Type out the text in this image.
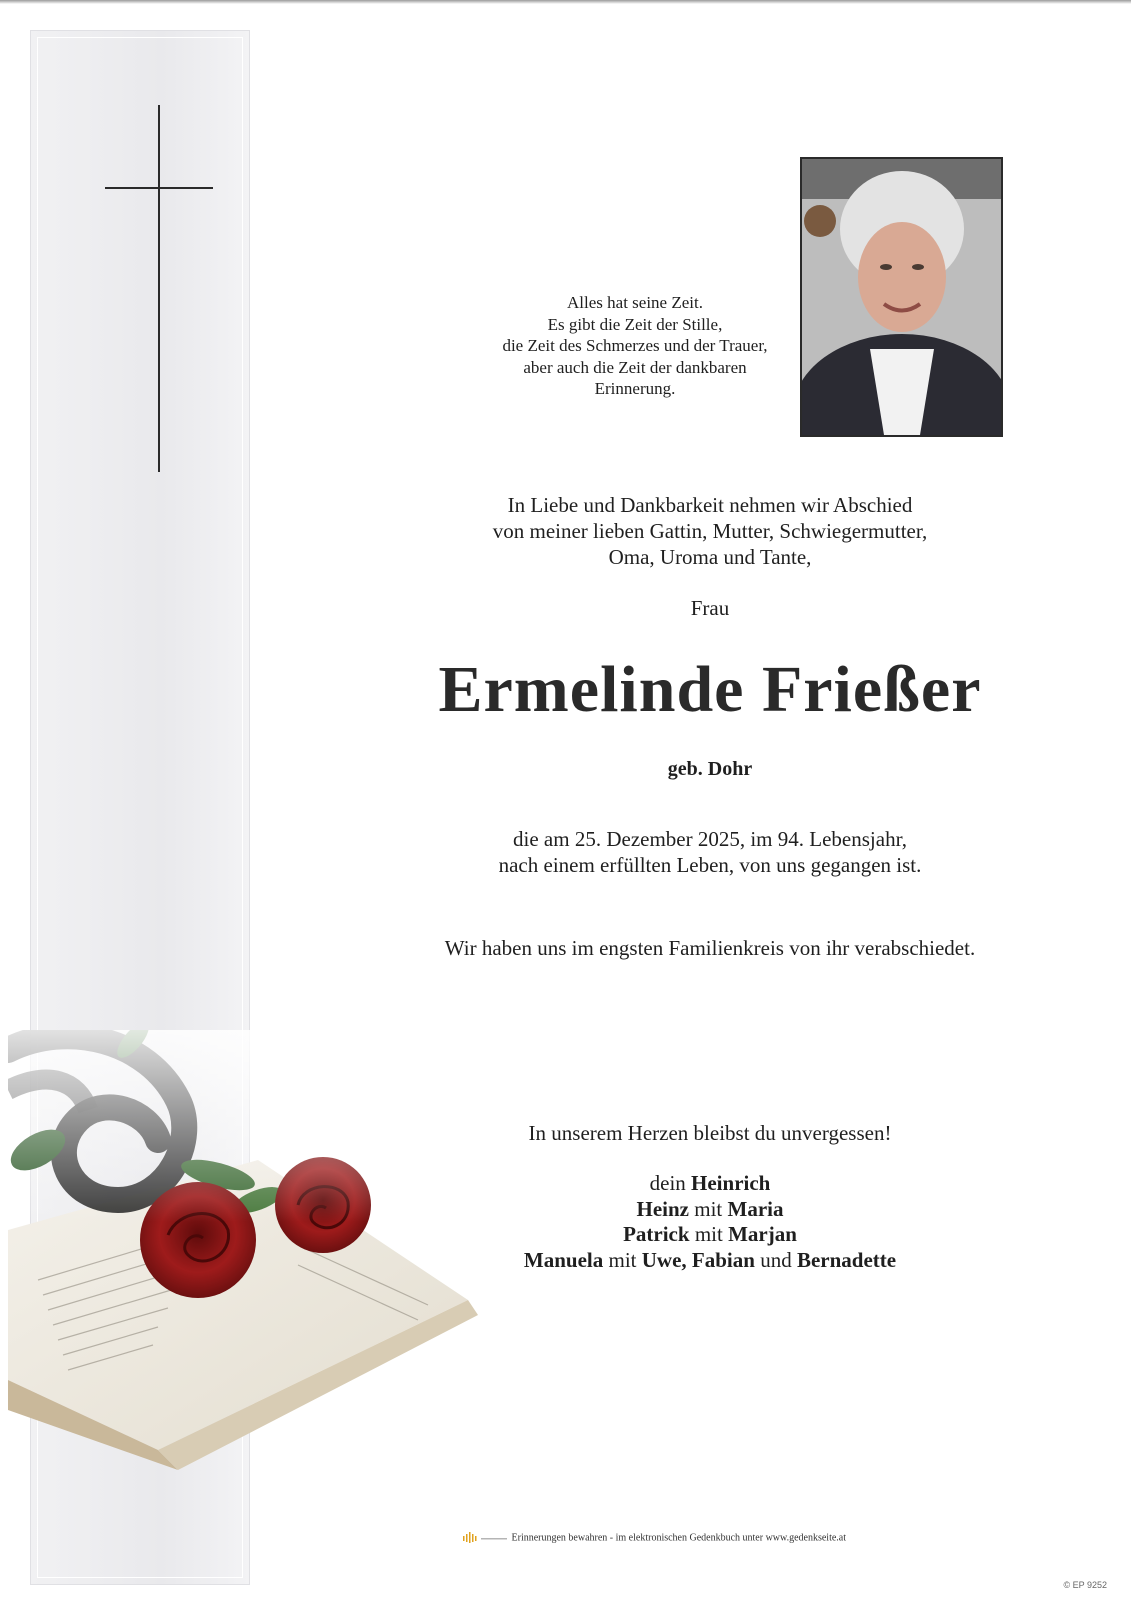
Alles hat seine Zeit.
Es gibt die Zeit der Stille,
die Zeit des Schmerzes und der Trauer,
aber auch die Zeit der dankbaren
Erinnerung.
In Liebe und Dankbarkeit nehmen wir Abschied
von meiner lieben Gattin, Mutter, Schwiegermutter,
Oma, Uroma und Tante,
Frau
Ermelinde Frießer
geb. Dohr
die am 25. Dezember 2025, im 94. Lebensjahr,
nach einem erfüllten Leben, von uns gegangen ist.
Wir haben uns im engsten Familienkreis von ihr verabschiedet.
In unserem Herzen bleibst du unvergessen!
dein Heinrich
Heinz mit Maria
Patrick mit Marjan
Manuela mit Uwe, Fabian und Bernadette
Erinnerungen bewahren - im elektronischen Gedenkbuch unter www.gedenkseite.at
© EP 9252
